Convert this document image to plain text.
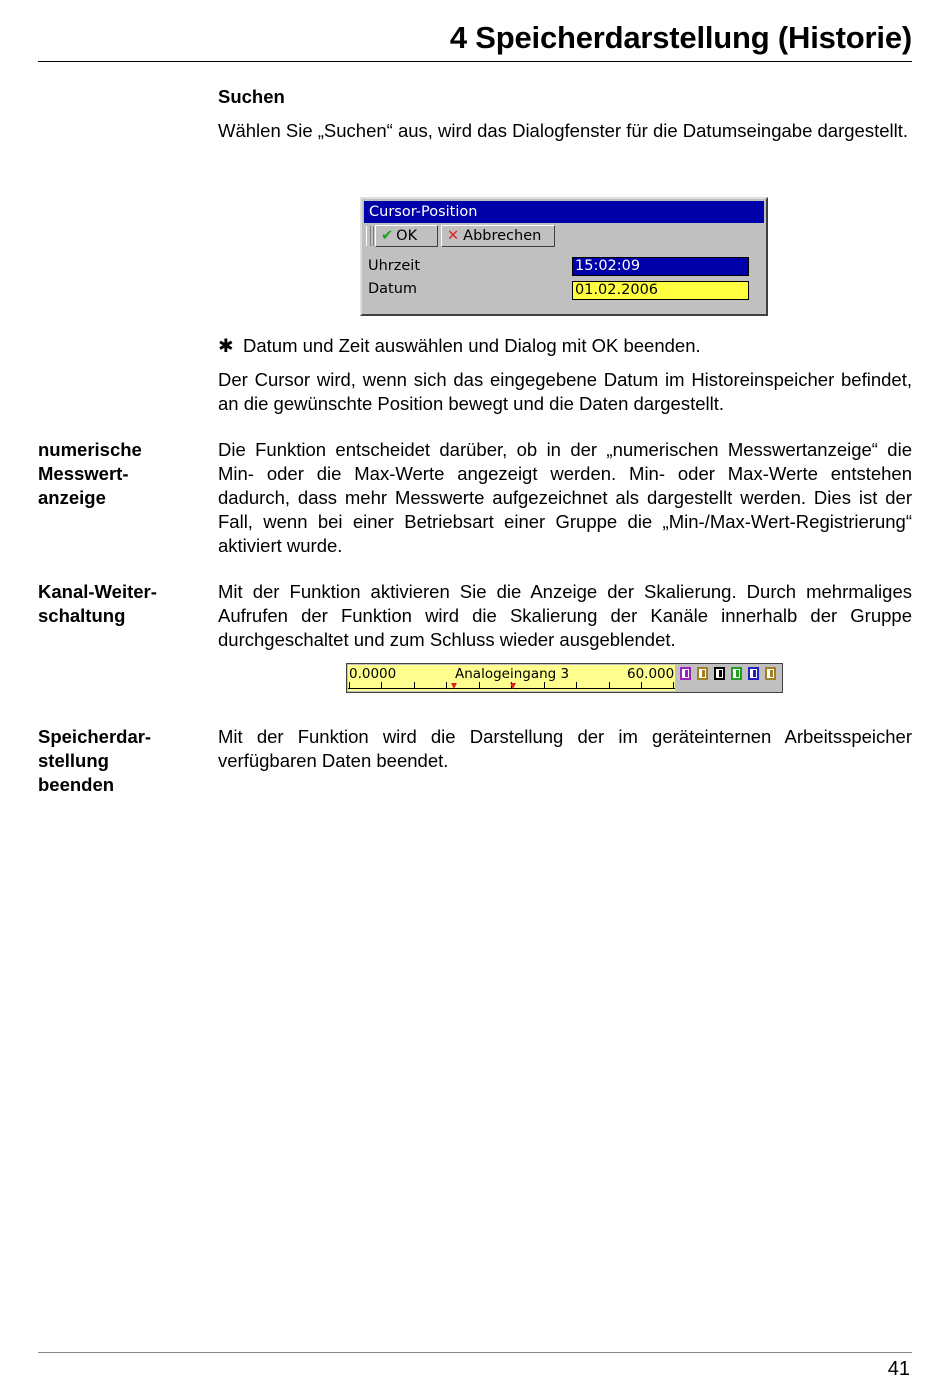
4 Speicherdarstellung (Historie)
Suchen
Wählen Sie „Suchen“ aus, wird das Dialogfenster für die Datumseingabe dargestellt.
Cursor-Position
✔ OK	✕ Abbrechen
Uhrzeit	15:02:09
Datum	01.02.2006
✱ Datum und Zeit auswählen und Dialog mit OK beenden.
Der Cursor wird, wenn sich das eingegebene Datum im Historeinspeicher befindet, an die gewünschte Position bewegt und die Daten dargestellt.
numerische Messwert-anzeige
Die Funktion entscheidet darüber, ob in der „numerischen Messwertanzeige“ die Min- oder die Max-Werte angezeigt werden. Min- oder Max-Werte entstehen dadurch, dass mehr Messwerte aufgezeichnet als dargestellt werden. Dies ist der Fall, wenn bei einer Betriebsart einer Gruppe die „Min-/Max-Wert-Registrierung“ aktiviert wurde.
Kanal-Weiter-schaltung
Mit der Funktion aktivieren Sie die Anzeige der Skalierung. Durch mehrmaliges Aufrufen der Funktion wird die Skalierung der Kanäle innerhalb der Gruppe durchgeschaltet und zum Schluss wieder ausgeblendet.
0.0000	Analogeingang 3	60.000
Speicherdar-stellung beenden
Mit der Funktion wird die Darstellung der im geräteinternen Arbeitsspeicher verfügbaren Daten beendet.
41
